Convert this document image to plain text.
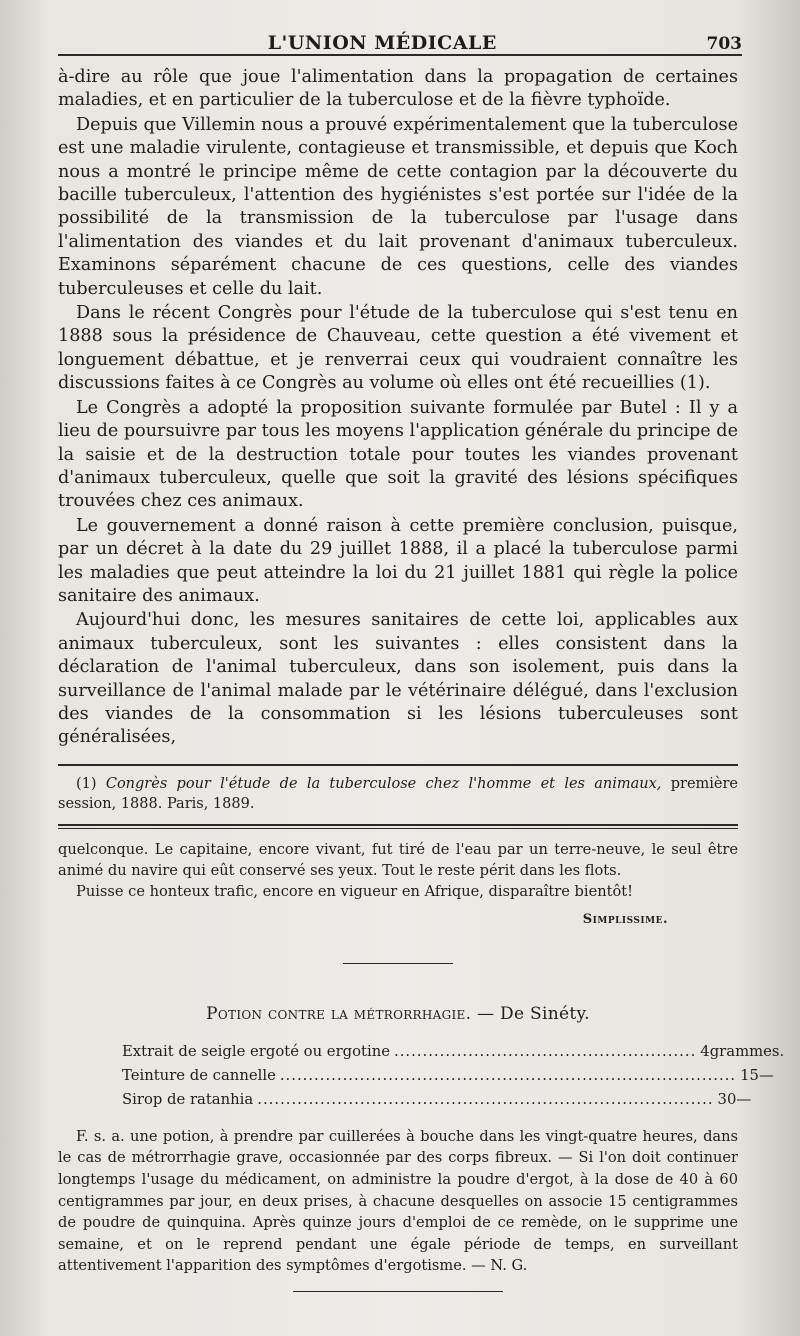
L'UNION MÉDICALE	703

à-dire au rôle que joue l'alimentation dans la propagation de certaines maladies, et en particulier de la tuberculose et de la fièvre typhoïde.

Depuis que Villemin nous a prouvé expérimentalement que la tuberculose est une maladie virulente, contagieuse et transmissible, et depuis que Koch nous a montré le principe même de cette contagion par la découverte du bacille tuberculeux, l'attention des hygiénistes s'est portée sur l'idée de la possibilité de la transmission de la tuberculose par l'usage dans l'alimentation des viandes et du lait provenant d'animaux tuberculeux. Examinons séparément chacune de ces questions, celle des viandes tuberculeuses et celle du lait.

Dans le récent Congrès pour l'étude de la tuberculose qui s'est tenu en 1888 sous la présidence de Chauveau, cette question a été vivement et longuement débattue, et je renverrai ceux qui voudraient connaître les discussions faites à ce Congrès au volume où elles ont été recueillies (1).

Le Congrès a adopté la proposition suivante formulée par Butel : Il y a lieu de poursuivre par tous les moyens l'application générale du principe de la saisie et de la destruction totale pour toutes les viandes provenant d'animaux tuberculeux, quelle que soit la gravité des lésions spécifiques trouvées chez ces animaux.

Le gouvernement a donné raison à cette première conclusion, puisque, par un décret à la date du 29 juillet 1888, il a placé la tuberculose parmi les maladies que peut atteindre la loi du 21 juillet 1881 qui règle la police sanitaire des animaux.

Aujourd'hui donc, les mesures sanitaires de cette loi, applicables aux animaux tuberculeux, sont les suivantes : elles consistent dans la déclaration de l'animal tuberculeux, dans son isolement, puis dans la surveillance de l'animal malade par le vétérinaire délégué, dans l'exclusion des viandes de la consommation si les lésions tuberculeuses sont généralisées,

(1) Congrès pour l'étude de la tuberculose chez l'homme et les animaux, première session, 1888. Paris, 1889.

quelconque. Le capitaine, encore vivant, fut tiré de l'eau par un terre-neuve, le seul être animé du navire qui eût conservé ses yeux. Tout le reste périt dans les flots.

Puisse ce honteux trafic, encore en vigueur en Afrique, disparaître bientôt!

Simplissime.
Potion contre la métrorrhagie. — De Sinéty.
Extrait de seigle ergoté ou ergotine ..................................................... 4 grammes.
Teinture de cannelle ................................................................................ 15 —
Sirop de ratanhia ................................................................................ 30 —
F. s. a. une potion, à prendre par cuillerées à bouche dans les vingt-quatre heures, dans le cas de métrorrhagie grave, occasionnée par des corps fibreux. — Si l'on doit continuer longtemps l'usage du médicament, on administre la poudre d'ergot, à la dose de 40 à 60 centigrammes par jour, en deux prises, à chacune desquelles on associe 15 centigrammes de poudre de quinquina. Après quinze jours d'emploi de ce remède, on le supprime une semaine, et on le reprend pendant une égale période de temps, en surveillant attentivement l'apparition des symptômes d'ergotisme. — N. G.
